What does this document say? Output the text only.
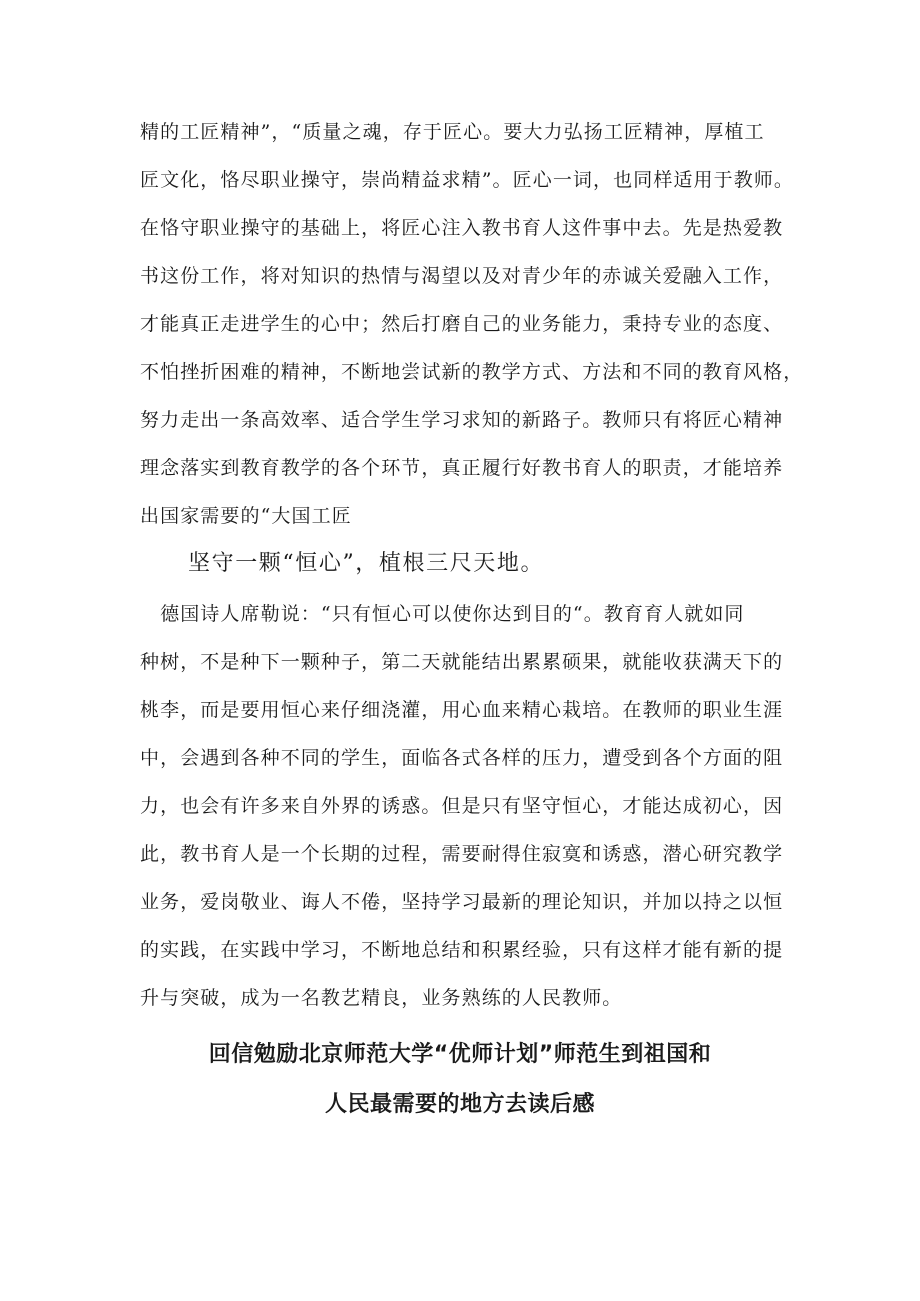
精的工匠精神”，“质量之魂，存于匠心。要大力弘扬工匠精神，厚植工
匠文化，恪尽职业操守，崇尚精益求精”。匠心一词，也同样适用于教师。
在恪守职业操守的基础上，将匠心注入教书育人这件事中去。先是热爱教
书这份工作，将对知识的热情与渴望以及对青少年的赤诚关爱融入工作，
才能真正走进学生的心中；然后打磨自己的业务能力，秉持专业的态度、
不怕挫折困难的精神，不断地尝试新的教学方式、方法和不同的教育风格，
努力走出一条高效率、适合学生学习求知的新路子。教师只有将匠心精神
理念落实到教育教学的各个环节，真正履行好教书育人的职责，才能培养
出国家需要的“大国工匠
坚守一颗“恒心”，植根三尺天地。
　德国诗人席勒说：“只有恒心可以使你达到目的“。教育育人就如同
种树，不是种下一颗种子，第二天就能结出累累硕果，就能收获满天下的
桃李，而是要用恒心来仔细浇灌，用心血来精心栽培。在教师的职业生涯
中，会遇到各种不同的学生，面临各式各样的压力，遭受到各个方面的阻
力，也会有许多来自外界的诱惑。但是只有坚守恒心，才能达成初心，因
此，教书育人是一个长期的过程，需要耐得住寂寞和诱惑，潜心研究教学
业务，爱岗敬业、诲人不倦，坚持学习最新的理论知识，并加以持之以恒
的实践，在实践中学习，不断地总结和积累经验，只有这样才能有新的提
升与突破，成为一名教艺精良，业务熟练的人民教师。
回信勉励北京师范大学“优师计划”师范生到祖国和
人民最需要的地方去读后感
